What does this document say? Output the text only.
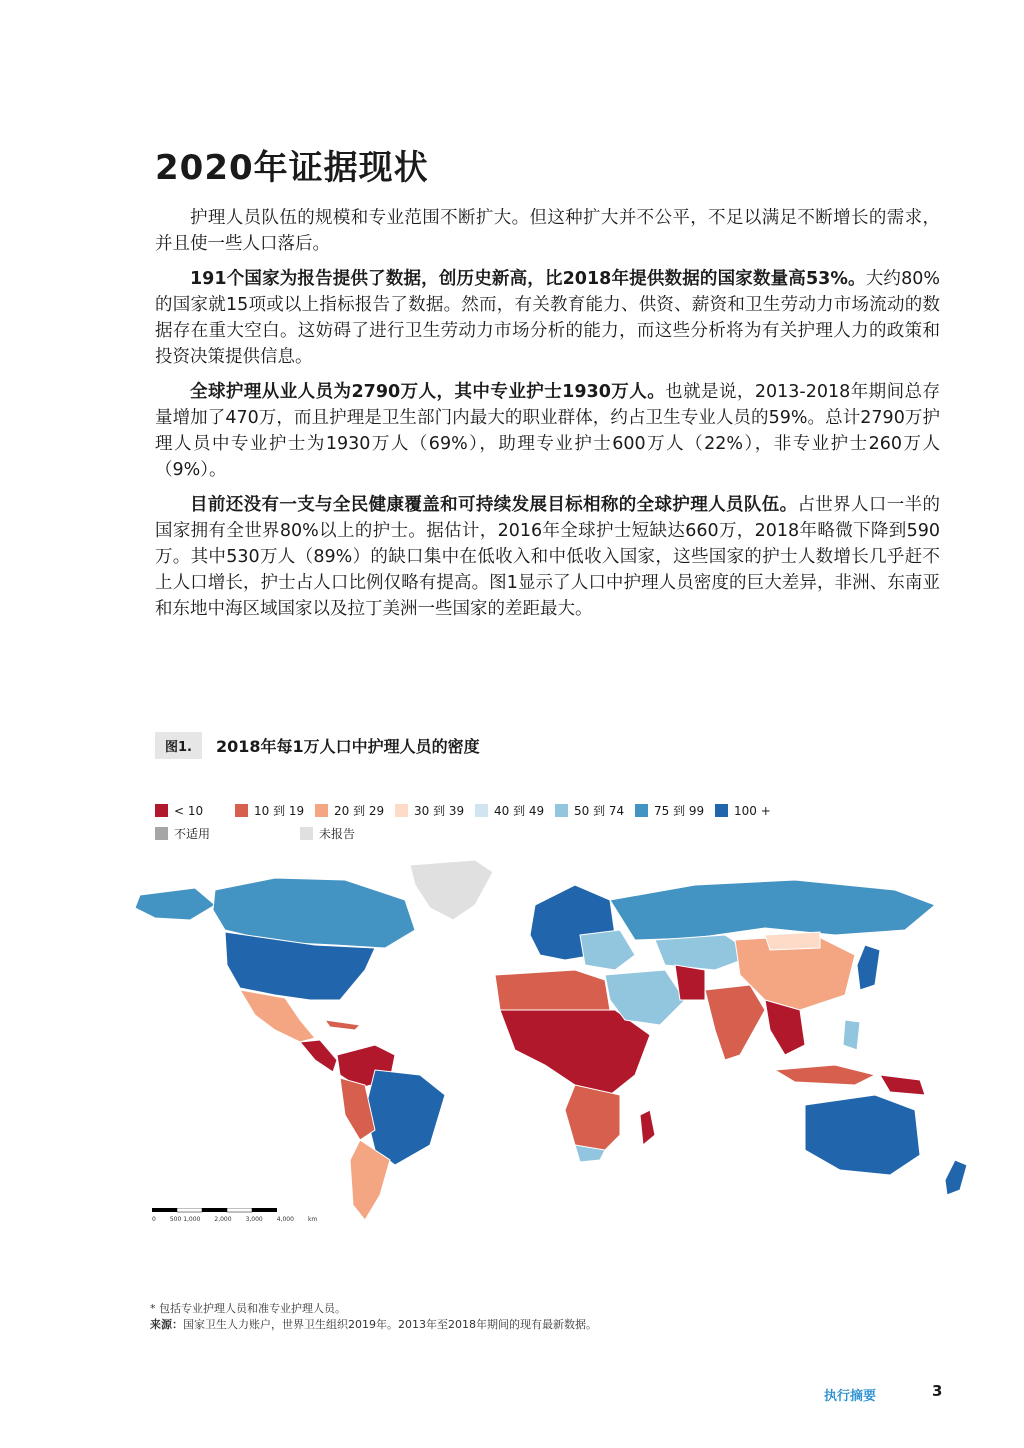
2020年证据现状

护理人员队伍的规模和专业范围不断扩大。但这种扩大并不公平，不足以满足不断增长的需求，并且使一些人口落后。

191个国家为报告提供了数据，创历史新高，比2018年提供数据的国家数量高53%。大约80%的国家就15项或以上指标报告了数据。然而，有关教育能力、供资、薪资和卫生劳动力市场流动的数据存在重大空白。这妨碍了进行卫生劳动力市场分析的能力，而这些分析将为有关护理人力的政策和投资决策提供信息。

全球护理从业人员为2790万人，其中专业护士1930万人。也就是说，2013-2018年期间总存量增加了470万，而且护理是卫生部门内最大的职业群体，约占卫生专业人员的59%。总计2790万护理人员中专业护士为1930万人（69%），助理专业护士600万人（22%），非专业护士260万人（9%）。

目前还没有一支与全民健康覆盖和可持续发展目标相称的全球护理人员队伍。占世界人口一半的国家拥有全世界80%以上的护士。据估计，2016年全球护士短缺达660万，2018年略微下降到590万。其中530万人（89%）的缺口集中在低收入和中低收入国家，这些国家的护士人数增长几乎赶不上人口增长，护士占人口比例仅略有提高。图1显示了人口中护理人员密度的巨大差异，非洲、东南亚和东地中海区域国家以及拉丁美洲一些国家的差距最大。

图1.	2018年每1万人口中护理人员的密度
< 10	10 到 19 20 到 29 30 到 39 40 到 49 50 到 74 75 到 99 100 +
不适用	未报告
0 500 1,000 2,000 3,000 4,000 km
* 包括专业护理人员和准专业护理人员。
来源：国家卫生人力账户，世界卫生组织2019年。2013年至2018年期间的现有最新数据。
执行摘要	3
